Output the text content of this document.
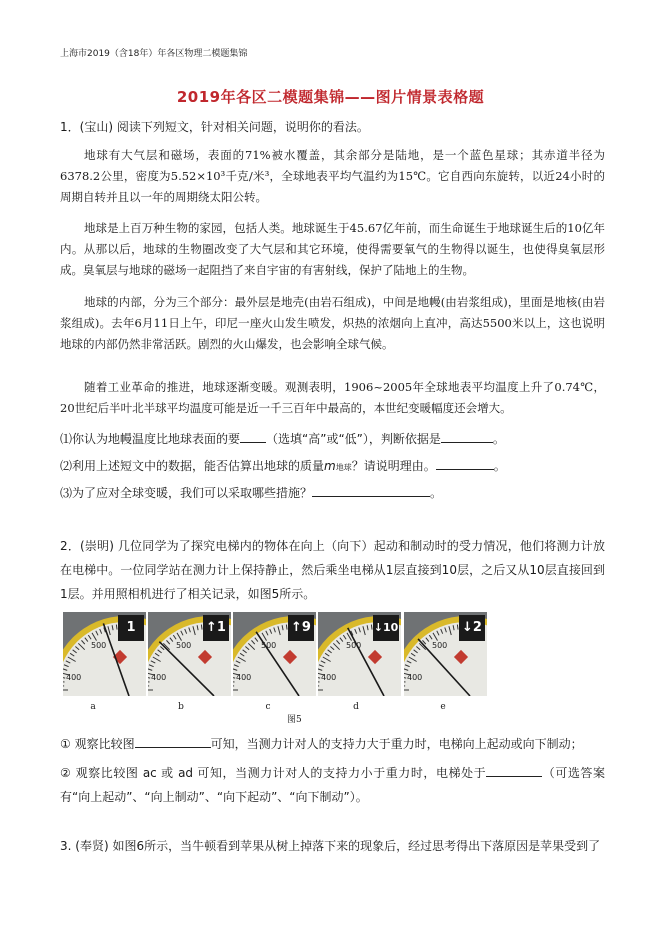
上海市2019（含18年）年各区物理二模题集锦
2019年各区二模题集锦——图片情景表格题
1．(宝山) 阅读下列短文，针对相关问题，说明你的看法。
地球有大气层和磁场，表面的71%被水覆盖，其余部分是陆地，是一个蓝色星球；其赤道半径为6378.2公里，密度为5.52×10³千克/米³，全球地表平均气温约为15℃。它自西向东旋转，以近24小时的周期自转并且以一年的周期绕太阳公转。
地球是上百万种生物的家园，包括人类。地球诞生于45.67亿年前，而生命诞生于地球诞生后的10亿年内。从那以后，地球的生物圈改变了大气层和其它环境，使得需要氧气的生物得以诞生，也使得臭氧层形成。臭氧层与地球的磁场一起阻挡了来自宇宙的有害射线，保护了陆地上的生物。
地球的内部，分为三个部分：最外层是地壳(由岩石组成)，中间是地幔(由岩浆组成)，里面是地核(由岩浆组成)。去年6月11日上午，印尼一座火山发生喷发，炽热的浓烟向上直冲，高达5500米以上，这也说明地球的内部仍然非常活跃。剧烈的火山爆发，也会影响全球气候。
随着工业革命的推进，地球逐渐变暖。观测表明，1906~2005年全球地表平均温度上升了0.74℃，20世纪后半叶北半球平均温度可能是近一千三百年中最高的，本世纪变暖幅度还会增大。
⑴你认为地幔温度比地球表面的要 （选填“高”或“低”），判断依据是	。
⑵利用上述短文中的数据，能否估算出地球的质量m地球？请说明理由。	。
⑶为了应对全球变暖，我们可以采取哪些措施？	。
2．(崇明) 几位同学为了探究电梯内的物体在向上（向下）起动和制动时的受力情况，他们将测力计放在电梯中。一位同学站在测力计上保持静止，然后乘坐电梯从1层直接到10层，之后又从10层直接回到1层。并用照相机进行了相关记录，如图5所示。
500
400
1
a
500
400
↑1
b
500
400
↑9
c
500
400
↓10
d
500
400
↓2
e
图5
① 观察比较图	可知，当测力计对人的支持力大于重力时，电梯向上起动或向下制动；
② 观察比较图 ac 或 ad 可知，当测力计对人的支持力小于重力时，电梯处于	（可选答案有“向上起动”、“向上制动”、“向下起动”、“向下制动”）。
3. (奉贤) 如图6所示，当牛顿看到苹果从树上掉落下来的现象后，经过思考得出下落原因是苹果受到了
